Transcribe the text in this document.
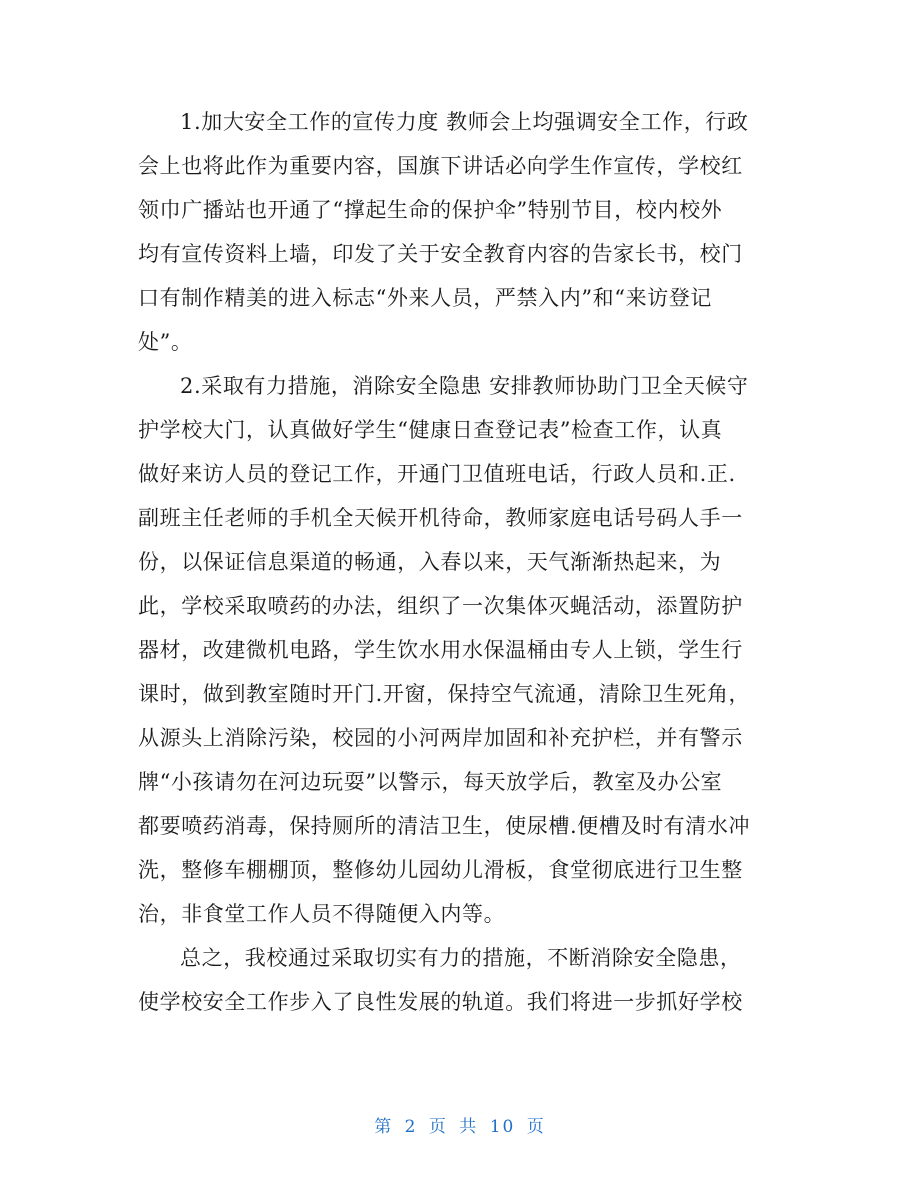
1.加大安全工作的宣传力度 教师会上均强调安全工作，行政
会上也将此作为重要内容，国旗下讲话必向学生作宣传，学校红
领巾广播站也开通了“撑起生命的保护伞”特别节目，校内校外
均有宣传资料上墙，印发了关于安全教育内容的告家长书，校门
口有制作精美的进入标志“外来人员，严禁入内”和“来访登记
处”。
2.采取有力措施，消除安全隐患 安排教师协助门卫全天候守
护学校大门，认真做好学生“健康日查登记表”检查工作，认真
做好来访人员的登记工作，开通门卫值班电话，行政人员和.正.
副班主任老师的手机全天候开机待命，教师家庭电话号码人手一
份，以保证信息渠道的畅通，入春以来，天气渐渐热起来，为
此，学校采取喷药的办法，组织了一次集体灭蝇活动，添置防护
器材，改建微机电路，学生饮水用水保温桶由专人上锁，学生行
课时，做到教室随时开门.开窗，保持空气流通，清除卫生死角，
从源头上消除污染，校园的小河两岸加固和补充护栏，并有警示
牌“小孩请勿在河边玩耍”以警示，每天放学后，教室及办公室
都要喷药消毒，保持厕所的清洁卫生，使尿槽.便槽及时有清水冲
洗，整修车棚棚顶，整修幼儿园幼儿滑板，食堂彻底进行卫生整
治，非食堂工作人员不得随便入内等。
总之，我校通过采取切实有力的措施，不断消除安全隐患，
使学校安全工作步入了良性发展的轨道。我们将进一步抓好学校
第 2 页 共 10 页
